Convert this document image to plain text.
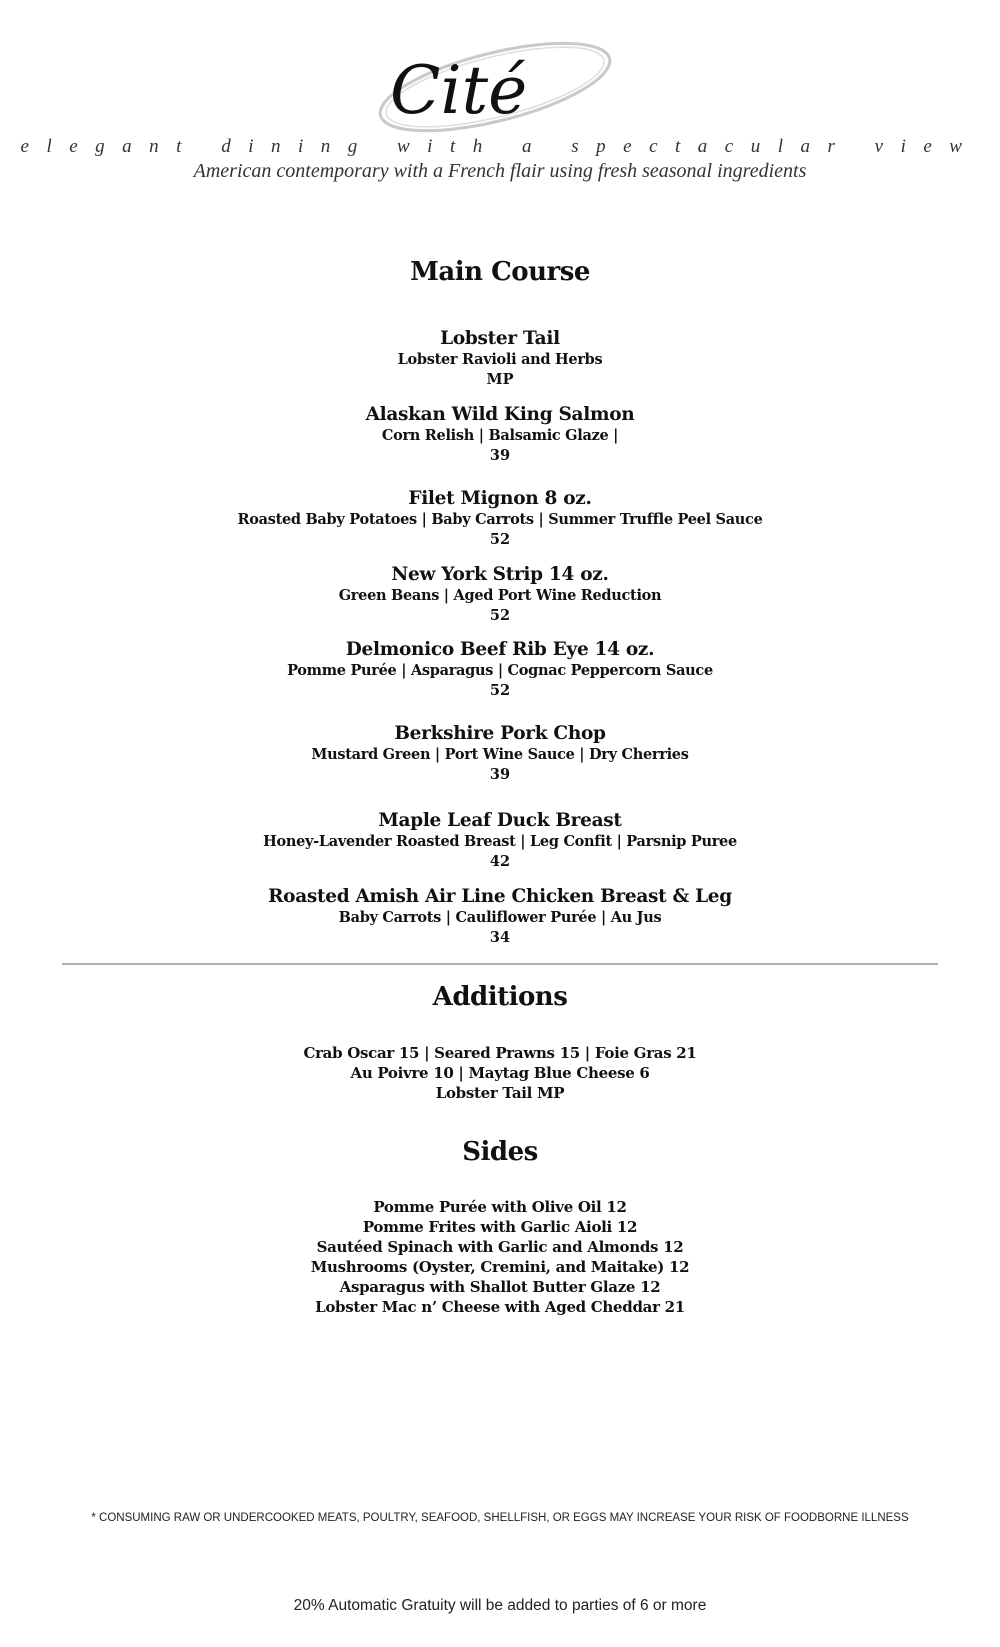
Cité
elegant dining with a spectacular view
American contemporary with a French flair using fresh seasonal ingredients
Main Course
Lobster Tail
Lobster Ravioli and Herbs
MP
Alaskan Wild King Salmon
Corn Relish | Balsamic Glaze |
39
Filet Mignon 8 oz.
Roasted Baby Potatoes | Baby Carrots | Summer Truffle Peel Sauce
52
New York Strip 14 oz.
Green Beans | Aged Port Wine Reduction
52
Delmonico Beef Rib Eye 14 oz.
Pomme Purée | Asparagus | Cognac Peppercorn Sauce
52
Berkshire Pork Chop
Mustard Green | Port Wine Sauce | Dry Cherries
39
Maple Leaf Duck Breast
Honey-Lavender Roasted Breast | Leg Confit | Parsnip Puree
42
Roasted Amish Air Line Chicken Breast & Leg
Baby Carrots | Cauliflower Purée | Au Jus
34
Additions
Crab Oscar 15 | Seared Prawns 15 | Foie Gras 21
Au Poivre 10 | Maytag Blue Cheese 6
Lobster Tail MP
Sides
Pomme Purée with Olive Oil 12
Pomme Frites with Garlic Aioli 12
Sautéed Spinach with Garlic and Almonds 12
Mushrooms (Oyster, Cremini, and Maitake) 12
Asparagus with Shallot Butter Glaze 12
Lobster Mac n’ Cheese with Aged Cheddar 21
* CONSUMING RAW OR UNDERCOOKED MEATS, POULTRY, SEAFOOD, SHELLFISH, OR EGGS MAY INCREASE YOUR RISK OF FOODBORNE ILLNESS
20% Automatic Gratuity will be added to parties of 6 or more
